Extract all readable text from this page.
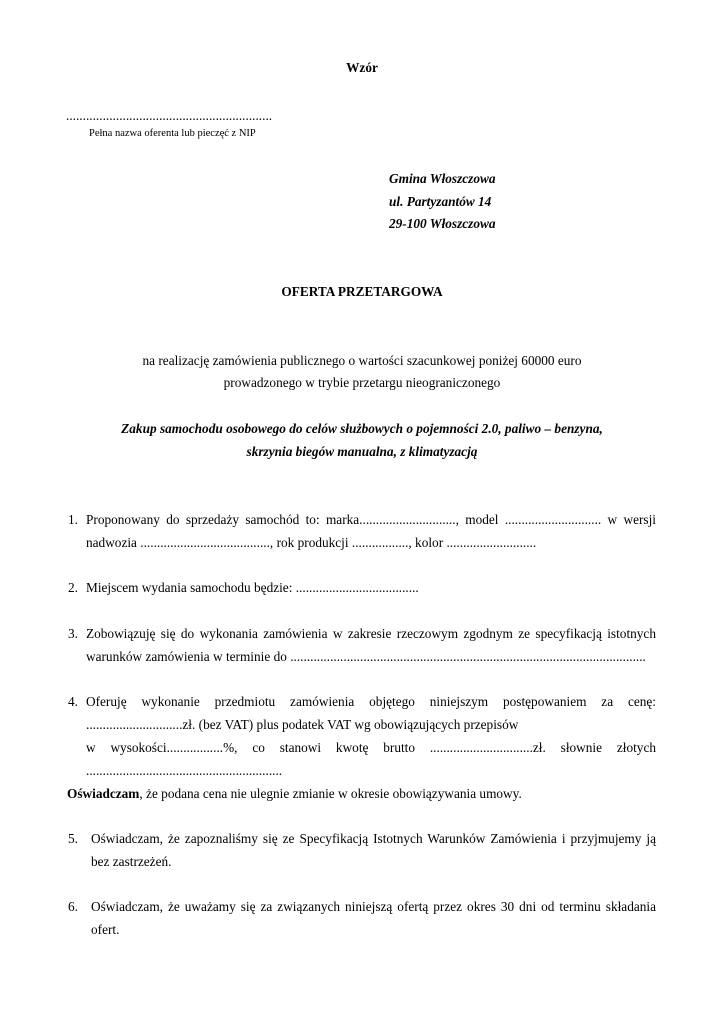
Wzór
..............................................................
Pełna nazwa oferenta lub pieczęć z NIP
Gmina Włoszczowa
ul. Partyzantów 14
29-100 Włoszczowa
OFERTA PRZETARGOWA
na realizację zamówienia publicznego o wartości szacunkowej poniżej 60000 euro
prowadzonego w trybie przetargu nieograniczonego
Zakup samochodu osobowego do celów służbowych o pojemności 2.0, paliwo – benzyna,
skrzynia biegów manualna, z klimatyzacją
1. Proponowany do sprzedaży samochód to: marka............................., model ............................. w wersji
nadwozia ......................................., rok produkcji ................., kolor ...........................
2. Miejscem wydania samochodu będzie: .....................................
3. Zobowiązuję się do wykonania zamówienia w zakresie rzeczowym zgodnym ze specyfikacją istotnych
warunków zamówienia w terminie do ...........................................................................................................
4. Oferuję wykonanie przedmiotu zamówienia objętego niniejszym postępowaniem za cenę:
.............................zł. (bez VAT) plus podatek VAT wg obowiązujących przepisów
w wysokości.................%, co stanowi kwotę brutto ...............................zł. słownie złotych
...........................................................
Oświadczam, że podana cena nie ulegnie zmianie w okresie obowiązywania umowy.
5. Oświadczam, że zapoznaliśmy się ze Specyfikacją Istotnych Warunków Zamówienia i przyjmujemy ją
bez zastrzeżeń.
6. Oświadczam, że uważamy się za związanych niniejszą ofertą przez okres 30 dni od terminu składania
ofert.
